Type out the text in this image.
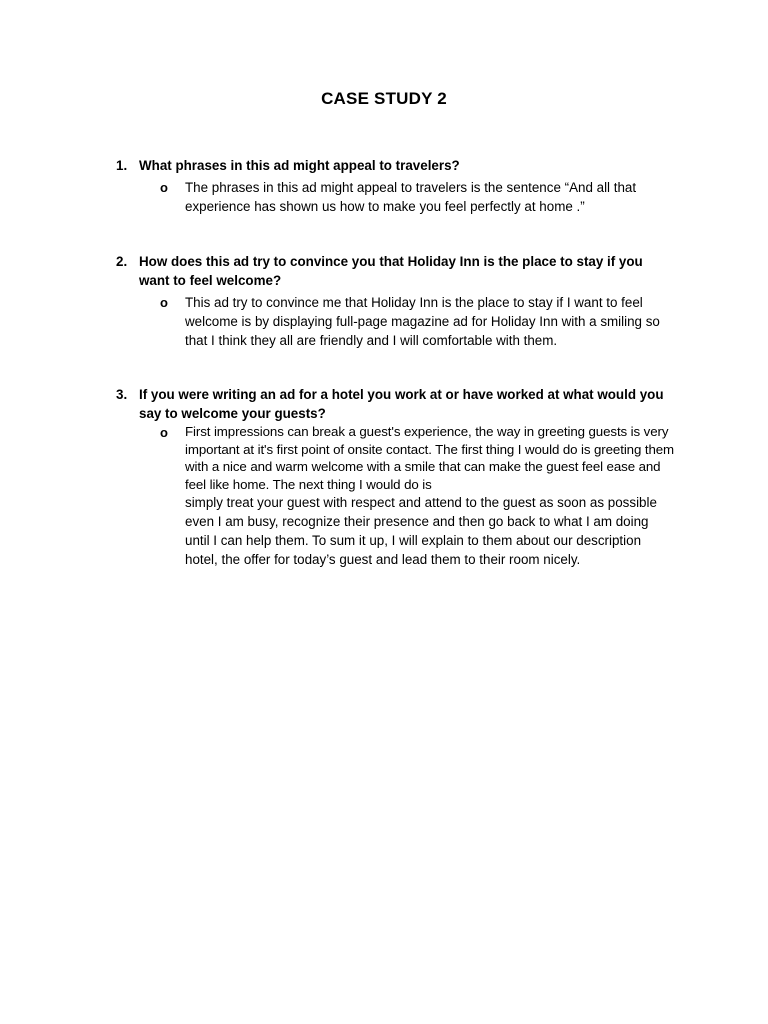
CASE STUDY 2
1. What phrases in this ad might appeal to travelers?
o The phrases in this ad might appeal to travelers is the sentence “And all that experience has shown us how to make you feel perfectly at home .”
2. How does this ad try to convince you that Holiday Inn is the place to stay if you want to feel welcome?
o This ad try to convince me that Holiday Inn is the place to stay if I want to feel welcome is by displaying full-page magazine ad for Holiday Inn with a smiling so that I think they all are friendly and I will comfortable with them.
3. If you were writing an ad for a hotel you work at or have worked at what would you say to welcome your guests?
o First impressions can break a guest's experience, the way in greeting guests is very important at it's first point of onsite contact. The first thing I would do is greeting them with a nice and warm welcome with a smile that can make the guest feel ease and feel like home. The next thing I would do is
simply treat your guest with respect and attend to the guest as soon as possible even I am busy, recognize their presence and then go back to what I am doing until I can help them. To sum it up, I will explain to them about our description hotel, the offer for today’s guest and lead them to their room nicely.
